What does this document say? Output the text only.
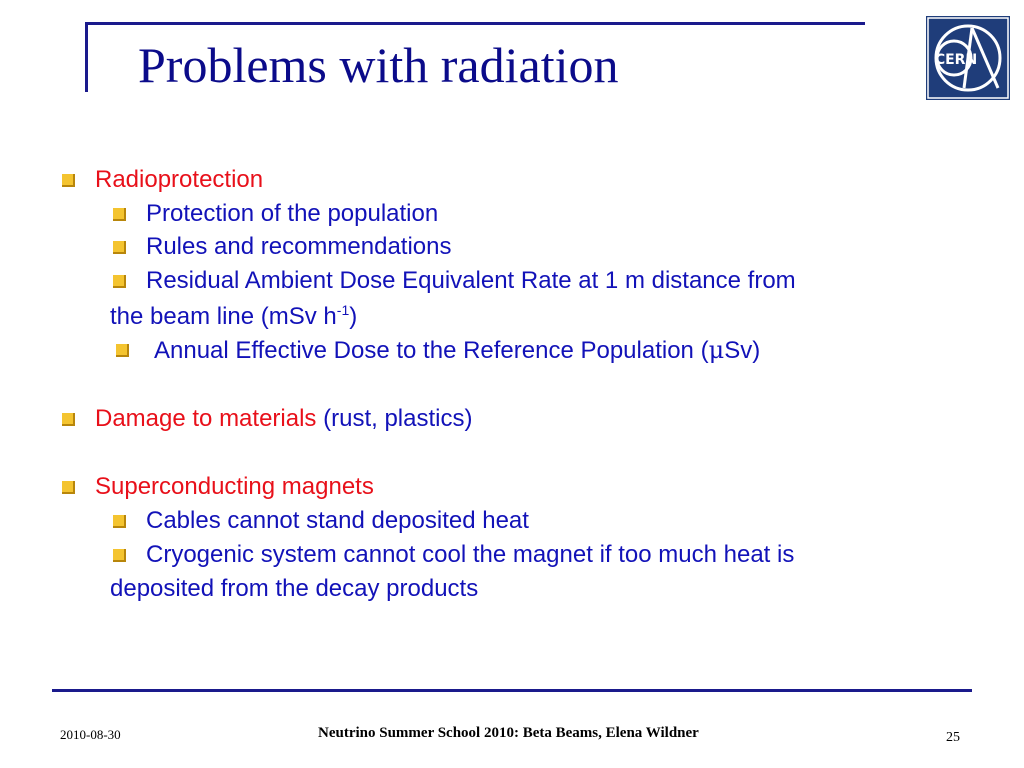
Problems with radiation	CERN
Radioprotection
Protection of the population
Rules and recommendations
Residual Ambient Dose Equivalent Rate at 1 m distance from
the beam line (mSv $h^{-1}$)
Annual Effective Dose to the Reference Population (μSv)
Damage to materials (rust, plastics)
Superconducting magnets
Cables cannot stand deposited heat
Cryogenic system cannot cool the magnet if too much heat is
deposited from the decay products
2010-08-30	Neutrino Summer School 2010: Beta Beams, Elena Wildner	25
